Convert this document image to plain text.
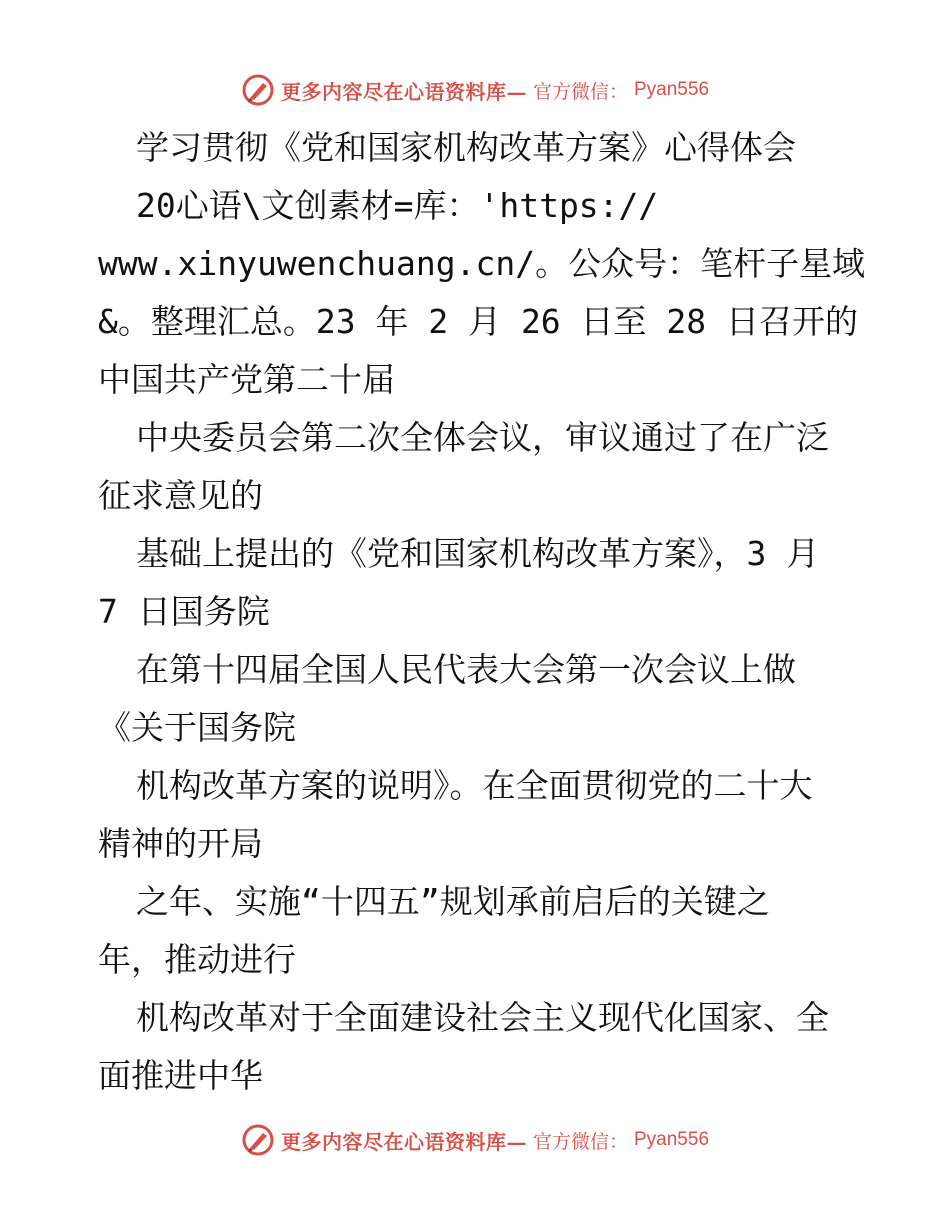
更多内容尽在心语资料库— 官方微信： Pyan556
学习贯彻《党和国家机构改革方案》心得体会
20心语\文创素材=库：'https://
www.xinyuwenchuang.cn/。公众号：笔杆子星域
&。整理汇总。23 年 2 月 26 日至 28 日召开的
中国共产党第二十届
中央委员会第二次全体会议，审议通过了在广泛
征求意见的
基础上提出的《党和国家机构改革方案》，3 月
7 日国务院
在第十四届全国人民代表大会第一次会议上做
《关于国务院
机构改革方案的说明》。在全面贯彻党的二十大
精神的开局
之年、实施“十四五”规划承前启后的关键之
年，推动进行
机构改革对于全面建设社会主义现代化国家、全
面推进中华
更多内容尽在心语资料库— 官方微信： Pyan556
